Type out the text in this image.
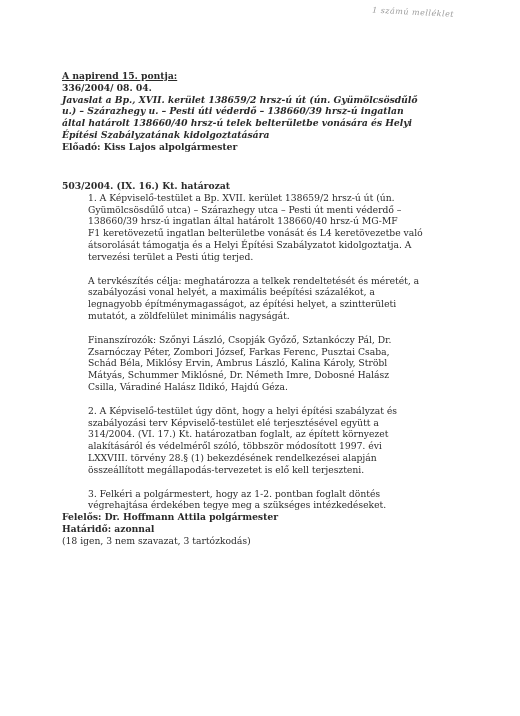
1 számú melléklet
A napirend 15. pontja:
336/2004/ 08. 04.
Javaslat a Bp., XVII. kerület 138659/2 hrsz-ú út (ún. Gyümölcsösdűlő
u.) – Szárazhegy u. – Pesti úti véderdő – 138660/39 hrsz-ú ingatlan
által határolt 138660/40 hrsz-ú telek belterületbe vonására és Helyi
Építési Szabályzatának kidolgoztatására
Előadó: Kiss Lajos alpolgármester
503/2004. (IX. 16.) Kt. határozat
1. A Képviselő-testület a Bp. XVII. kerület 138659/2 hrsz-ú út (ún.
Gyümölcsösdűlő utca) – Szárazhegy utca – Pesti út menti véderdő –
138660/39 hrsz-ú ingatlan által határolt 138660/40 hrsz-ú MG-MF
F1 keretövezetű ingatlan belterületbe vonását és L4 keretövezetbe való
átsorolását támogatja és a Helyi Építési Szabályzatot kidolgoztatja. A
tervezési terület a Pesti útig terjed.
A tervkészítés célja: meghatározza a telkek rendeltetését és méretét, a
szabályozási vonal helyét, a maximális beépítési százalékot, a
legnagyobb építménymagasságot, az építési helyet, a szintterületi
mutatót, a zöldfelület minimális nagyságát.
Finanszírozók: Szőnyi László, Csopják Győző, Sztankóczy Pál, Dr.
Zsarnóczay Péter, Zombori József, Farkas Ferenc, Pusztai Csaba,
Schád Béla, Miklósy Ervin, Ambrus László, Kalina Károly, Ströbl
Mátyás, Schummer Miklósné, Dr. Németh Imre, Dobosné Halász
Csilla, Váradiné Halász Ildikó, Hajdú Géza.
2. A Képviselő-testület úgy dönt, hogy a helyi építési szabályzat és
szabályozási terv Képviselő-testület elé terjesztésével együtt a
314/2004. (VI. 17.) Kt. határozatban foglalt, az épített környezet
alakításáról és védelméről szóló, többször módosított 1997. évi
LXXVIII. törvény 28.§ (1) bekezdésének rendelkezései alapján
összeállított megállapodás-tervezetet is elő kell terjeszteni.
3. Felkéri a polgármestert, hogy az 1-2. pontban foglalt döntés
végrehajtása érdekében tegye meg a szükséges intézkedéseket.
Felelős: Dr. Hoffmann Attila polgármester
Határidő: azonnal
(18 igen, 3 nem szavazat, 3 tartózkodás)
